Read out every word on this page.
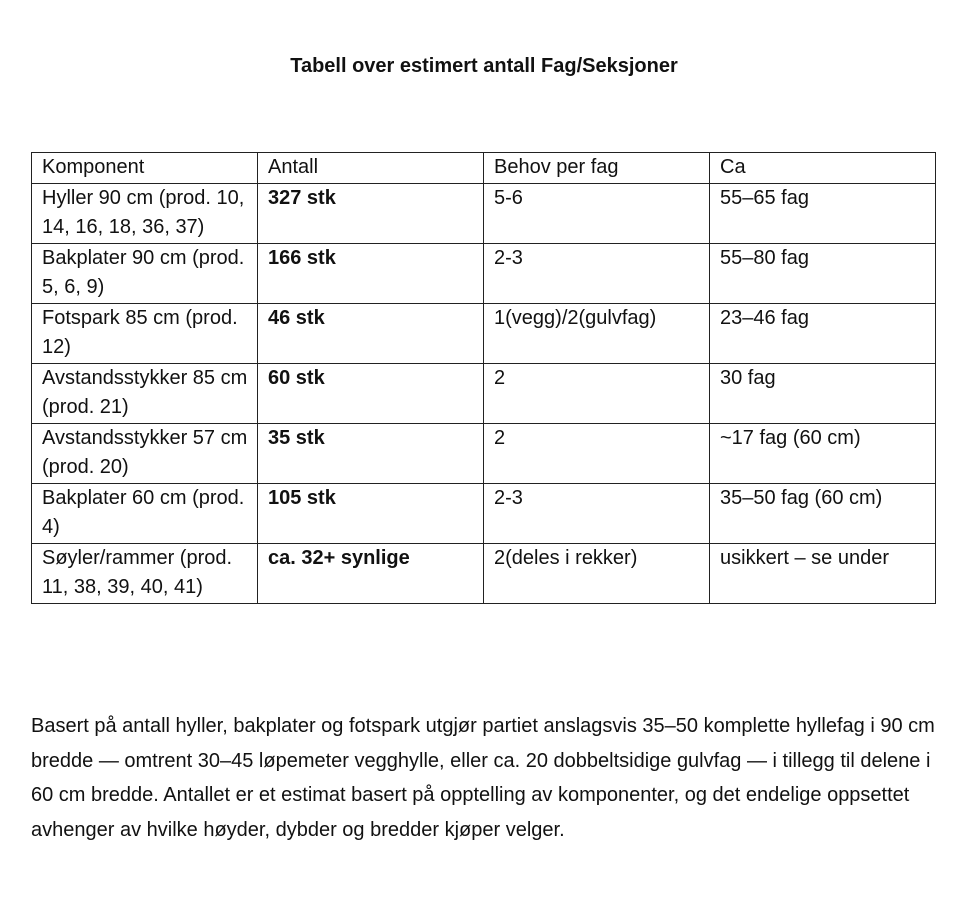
Tabell over estimert antall Fag/Seksjoner
Komponent	Antall	Behov per fag	Ca
Hyller 90 cm (prod. 10, 14, 16, 18, 36, 37)	327 stk	5-6	55–65 fag
Bakplater 90 cm (prod. 5, 6, 9)	166 stk	2-3	55–80 fag
Fotspark 85 cm (prod. 12)	46 stk	1(vegg)/2(gulvfag)	23–46 fag
Avstandsstykker 85 cm (prod. 21)	60 stk	2	30 fag
Avstandsstykker 57 cm (prod. 20)	35 stk	2	~17 fag (60 cm)
Bakplater 60 cm (prod. 4)	105 stk	2-3	35–50 fag (60 cm)
Søyler/rammer (prod. 11, 38, 39, 40, 41)	ca. 32+ synlige	2(deles i rekker)	usikkert – se under

Basert på antall hyller, bakplater og fotspark utgjør partiet anslagsvis 35–50 komplette hyllefag i 90 cm bredde — omtrent 30–45 løpemeter vegghylle, eller ca. 20 dobbeltsidige gulvfag — i tillegg til delene i 60 cm bredde. Antallet er et estimat basert på opptelling av komponenter, og det endelige oppsettet avhenger av hvilke høyder, dybder og bredder kjøper velger.
